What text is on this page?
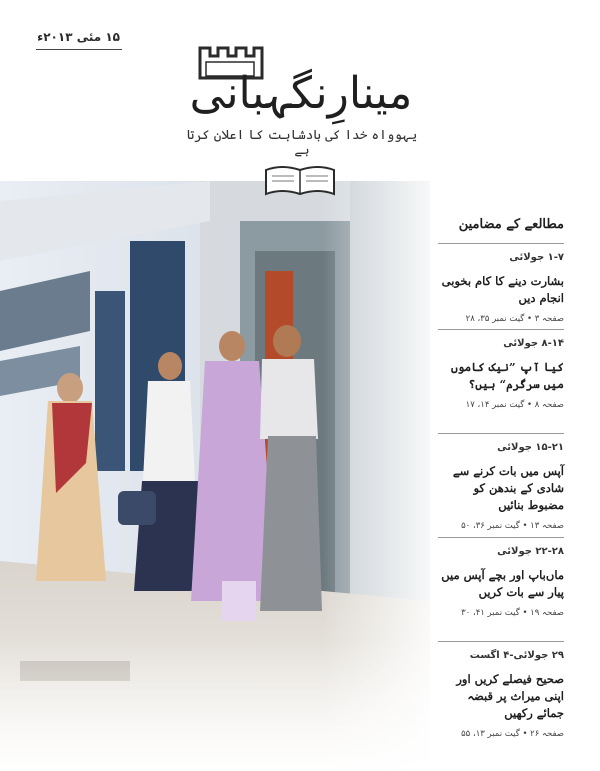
۱۵ مئی ۲۰۱۳ء
مینارِنگہبانی
یہوواہ خدا کی بادشاہت کا اعلان کرتا ہے
مطالعے کے مضامین
۱-۷ جولائی
بشارت دینے کا کام بخوبی انجام دیں
صفحہ ۳ • گیت نمبر ۳۵، ۲۸
۸-۱۴ جولائی
کیا آپ ”نیک کاموں میں سرگرم“ ہیں؟
صفحہ ۸ • گیت نمبر ۱۴، ۱۷
۱۵-۲۱ جولائی
آپس میں بات کرنے سے شادی کے بندھن کو مضبوط بنائیں
صفحہ ۱۳ • گیت نمبر ۳۶، ۵۰
۲۲-۲۸ جولائی
ماں‌باپ اور بچے آپس میں پیار سے بات کریں
صفحہ ۱۹ • گیت نمبر ۴۱، ۳۰
۲۹ جولائی-۴ اگست
صحیح فیصلے کریں اور اپنی میراث پر قبضہ جمائے رکھیں
صفحہ ۲۶ • گیت نمبر ۱۳، ۵۵
